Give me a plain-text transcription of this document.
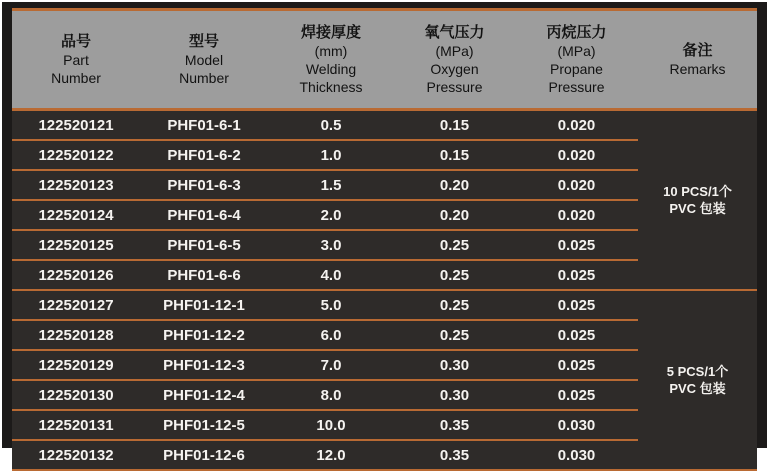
品号
Part
Number	型号
Model
Number	焊接厚度
(mm)
Welding
Thickness	氧气压力
(MPa)
Oxygen
Pressure	丙烷压力
(MPa)
Propane
Pressure	备注
Remarks

122520121	PHF01-6-1	0.5	0.15	0.020	10 PCS/1个
PVC 包装

122520122	PHF01-6-2	1.0	0.15	0.020	
122520123	PHF01-6-3	1.5	0.20	0.020	
122520124	PHF01-6-4	2.0	0.20	0.020	
122520125	PHF01-6-5	3.0	0.25	0.025	
122520126	PHF01-6-6	4.0	0.25	0.025	
122520127	PHF01-12-1	5.0	0.25	0.025	5 PCS/1个
PVC 包装

122520128	PHF01-12-2	6.0	0.25	0.025	
122520129	PHF01-12-3	7.0	0.30	0.025	
122520130	PHF01-12-4	8.0	0.30	0.025	
122520131	PHF01-12-5	10.0	0.35	0.030	
122520132	PHF01-12-6	12.0	0.35	0.030	
